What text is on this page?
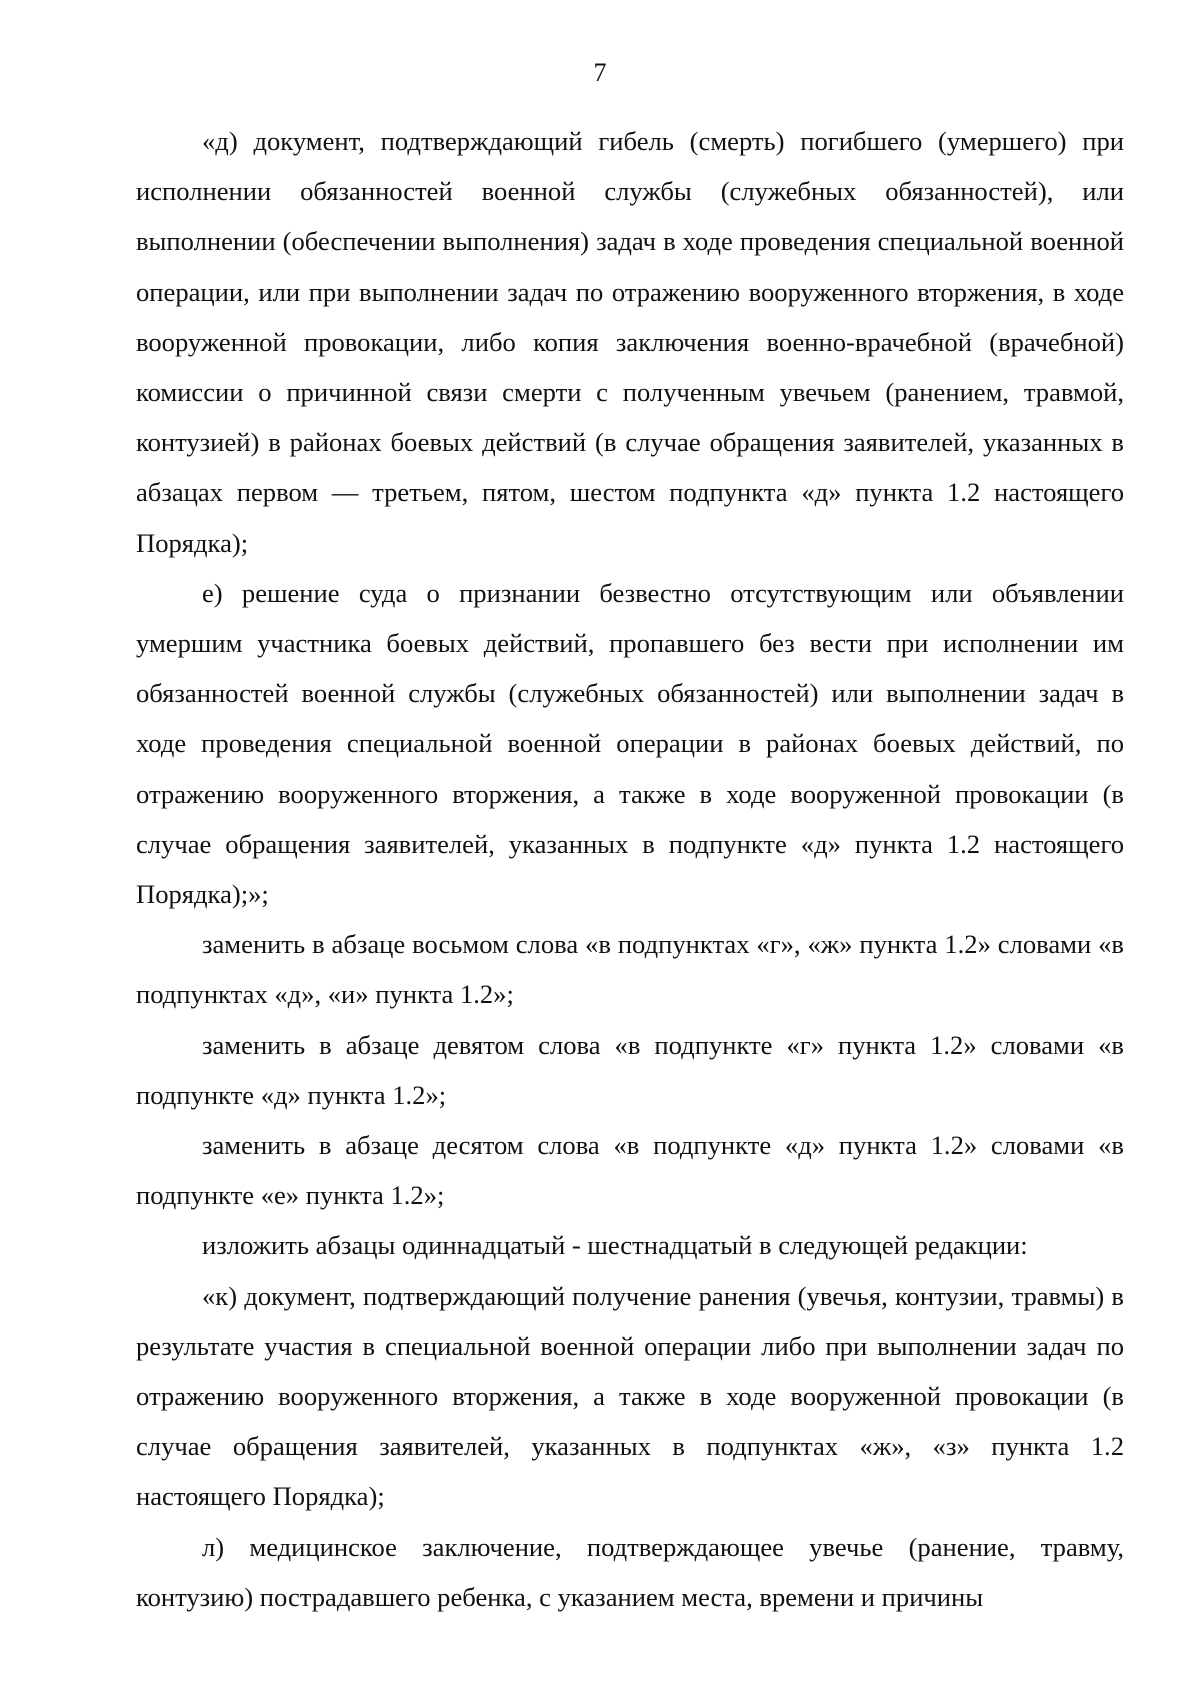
7

«д) документ, подтверждающий гибель (смерть) погибшего (умершего) при исполнении обязанностей военной службы (служебных обязанностей), или выполнении (обеспечении выполнения) задач в ходе проведения специальной военной операции, или при выполнении задач по отражению вооруженного вторжения, в ходе вооруженной провокации, либо копия заключения военно-врачебной (врачебной) комиссии о причинной связи смерти с полученным увечьем (ранением, травмой, контузией) в районах боевых действий (в случае обращения заявителей, указанных в абзацах первом — третьем, пятом, шестом подпункта «д» пункта 1.2 настоящего Порядка);

е) решение суда о признании безвестно отсутствующим или объявлении умершим участника боевых действий, пропавшего без вести при исполнении им обязанностей военной службы (служебных обязанностей) или выполнении задач в ходе проведения специальной военной операции в районах боевых действий, по отражению вооруженного вторжения, а также в ходе вооруженной провокации (в случае обращения заявителей, указанных в подпункте «д» пункта 1.2 настоящего Порядка);»;

заменить в абзаце восьмом слова «в подпунктах «г», «ж» пункта 1.2» словами «в подпунктах «д», «и» пункта 1.2»;

заменить в абзаце девятом слова «в подпункте «г» пункта 1.2» словами «в подпункте «д» пункта 1.2»;

заменить в абзаце десятом слова «в подпункте «д» пункта 1.2» словами «в подпункте «е» пункта 1.2»;

изложить абзацы одиннадцатый - шестнадцатый в следующей редакции:

«к) документ, подтверждающий получение ранения (увечья, контузии, травмы) в результате участия в специальной военной операции либо при выполнении задач по отражению вооруженного вторжения, а также в ходе вооруженной провокации (в случае обращения заявителей, указанных в подпунктах «ж», «з» пункта 1.2 настоящего Порядка);

л) медицинское заключение, подтверждающее увечье (ранение, травму, контузию) пострадавшего ребенка, с указанием места, времени и причины
